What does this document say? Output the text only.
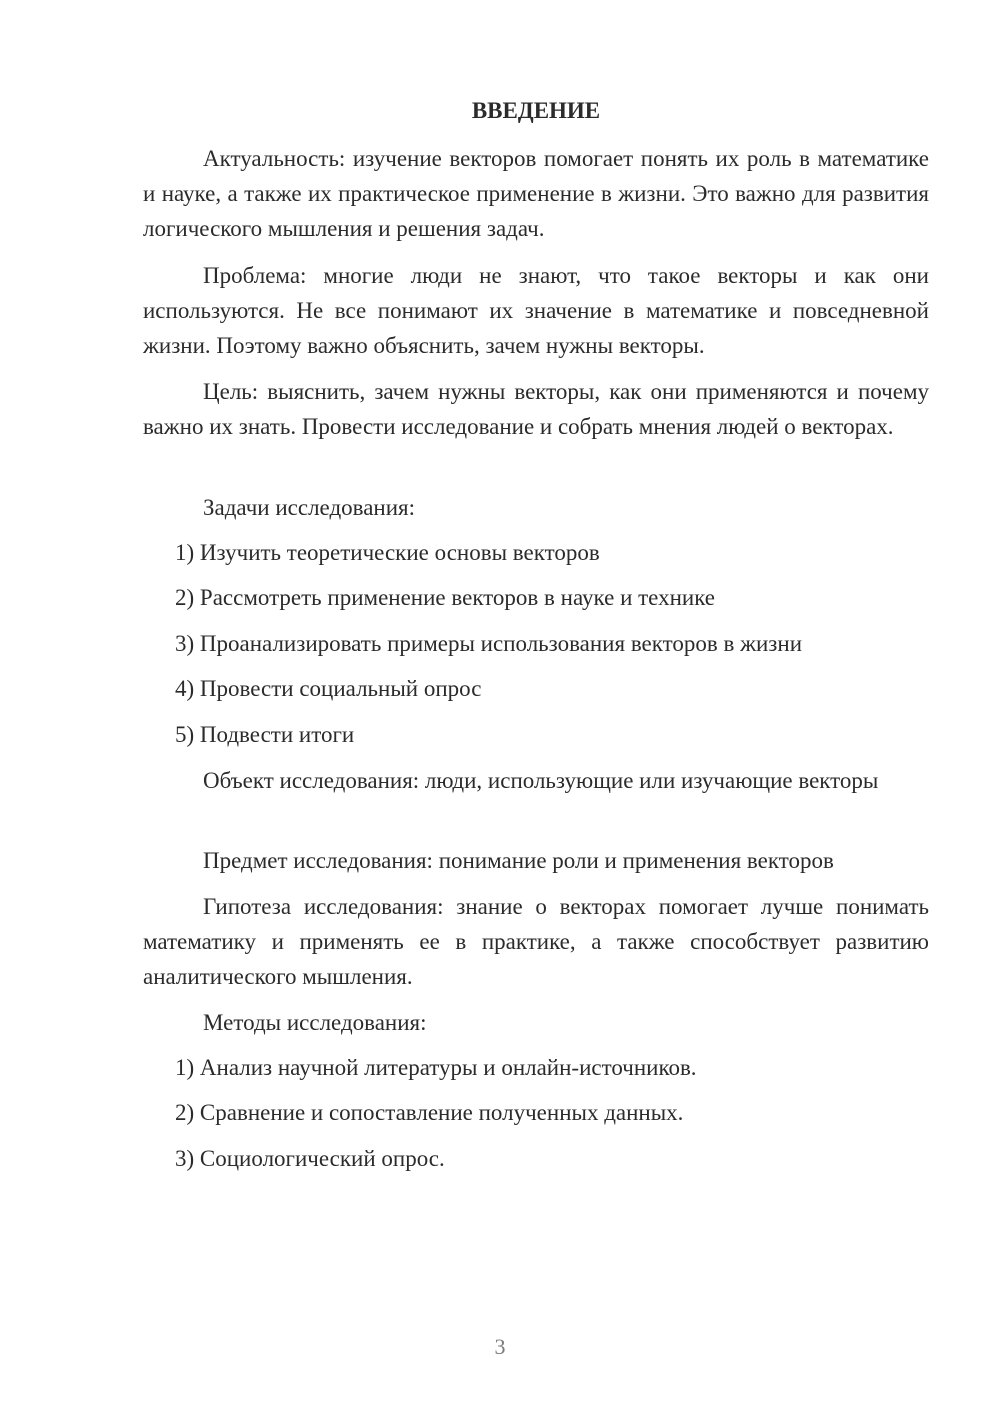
ВВЕДЕНИЕ

Актуальность: изучение векторов помогает понять их роль в математике и науке, а также их практическое применение в жизни. Это важно для развития логического мышления и решения задач.

Проблема: многие люди не знают, что такое векторы и как они используются. Не все понимают их значение в математике и повседневной жизни. Поэтому важно объяснить, зачем нужны векторы.

Цель: выяснить, зачем нужны векторы, как они применяются и почему важно их знать. Провести исследование и собрать мнения людей о векторах.

Задачи исследования:

1) Изучить теоретические основы векторов

2) Рассмотреть применение векторов в науке и технике

3) Проанализировать примеры использования векторов в жизни

4) Провести социальный опрос

5) Подвести итоги

Объект исследования: люди, использующие или изучающие векторы

Предмет исследования: понимание роли и применения векторов

Гипотеза исследования: знание о векторах помогает лучше понимать математику и применять ее в практике, а также способствует развитию аналитического мышления.

Методы исследования:

1) Анализ научной литературы и онлайн-источников.

2) Сравнение и сопоставление полученных данных.

3) Социологический опрос.

3
